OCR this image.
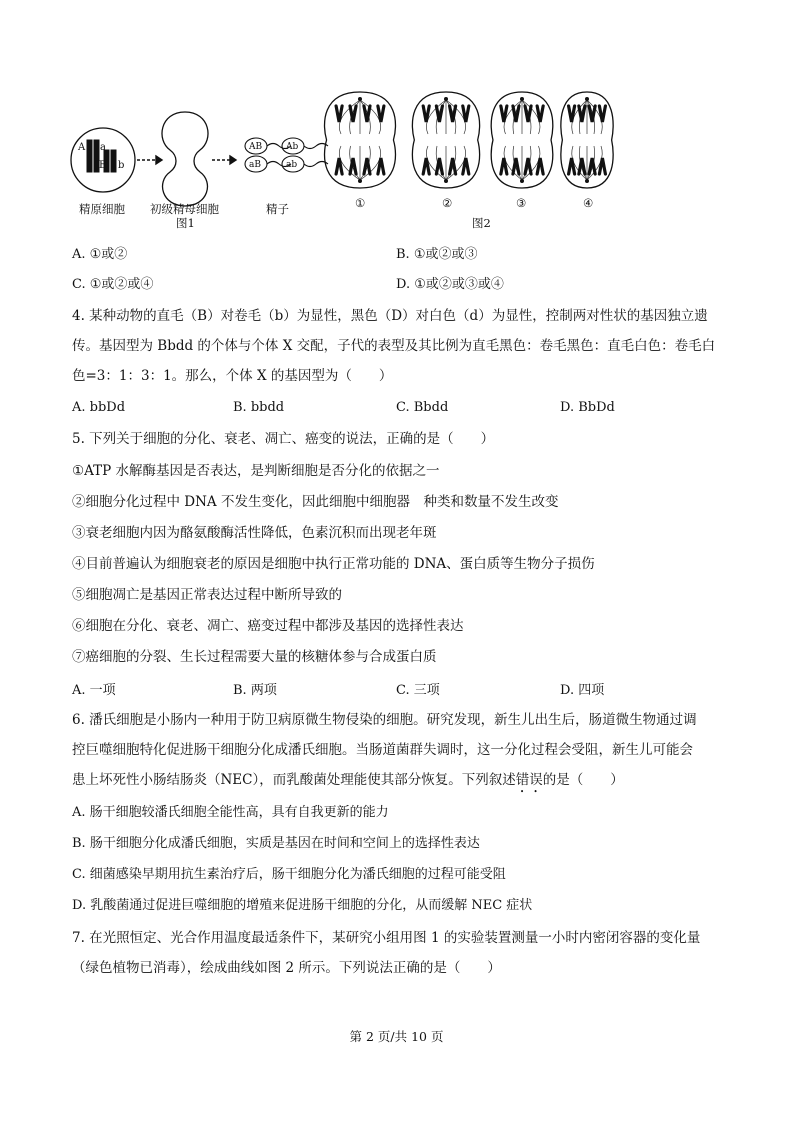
A a
B b
AB
aB
Ab
ab
精原细胞 初级精母细胞	精子
图1
①	②	③	④
图2
A. ①或②	B. ①或②或③
C. ①或②或④	D. ①或②或③或④
4. 某种动物的直毛（B）对卷毛（b）为显性，黑色（D）对白色（d）为显性，控制两对性状的基因独立遗
传。基因型为 Bbdd 的个体与个体 X 交配，子代的表型及其比例为直毛黑色：卷毛黑色：直毛白色：卷毛白
色=3：1：3：1。那么，个体 X 的基因型为（　　）
A. bbDd	B. bbdd	C. Bbdd	D. BbDd
5. 下列关于细胞的分化、衰老、凋亡、癌变的说法，正确的是（　　）
①ATP 水解酶基因是否表达，是判断细胞是否分化的依据之一
②细胞分化过程中 DNA 不发生变化，因此细胞中细胞器　种类和数量不发生改变
③衰老细胞内因为酪氨酸酶活性降低，色素沉积而出现老年斑
④目前普遍认为细胞衰老的原因是细胞中执行正常功能的 DNA、蛋白质等生物分子损伤
⑤细胞凋亡是基因正常表达过程中断所导致的
⑥细胞在分化、衰老、凋亡、癌变过程中都涉及基因的选择性表达
⑦癌细胞的分裂、生长过程需要大量的核糖体参与合成蛋白质
A. 一项	B. 两项	C. 三项	D. 四项
6. 潘氏细胞是小肠内一种用于防卫病原微生物侵染的细胞。研究发现，新生儿出生后，肠道微生物通过调
控巨噬细胞特化促进肠干细胞分化成潘氏细胞。当肠道菌群失调时，这一分化过程会受阻，新生儿可能会
患上坏死性小肠结肠炎（NEC），而乳酸菌处理能使其部分恢复。下列叙述错误的是（　　）
A. 肠干细胞较潘氏细胞全能性高，具有自我更新的能力
B. 肠干细胞分化成潘氏细胞，实质是基因在时间和空间上的选择性表达
C. 细菌感染早期用抗生素治疗后，肠干细胞分化为潘氏细胞的过程可能受阻
D. 乳酸菌通过促进巨噬细胞的增殖来促进肠干细胞的分化，从而缓解 NEC 症状
7. 在光照恒定、光合作用温度最适条件下，某研究小组用图 1 的实验装置测量一小时内密闭容器的变化量
（绿色植物已消毒），绘成曲线如图 2 所示。下列说法正确的是（　　）
第 2 页/共 10 页
